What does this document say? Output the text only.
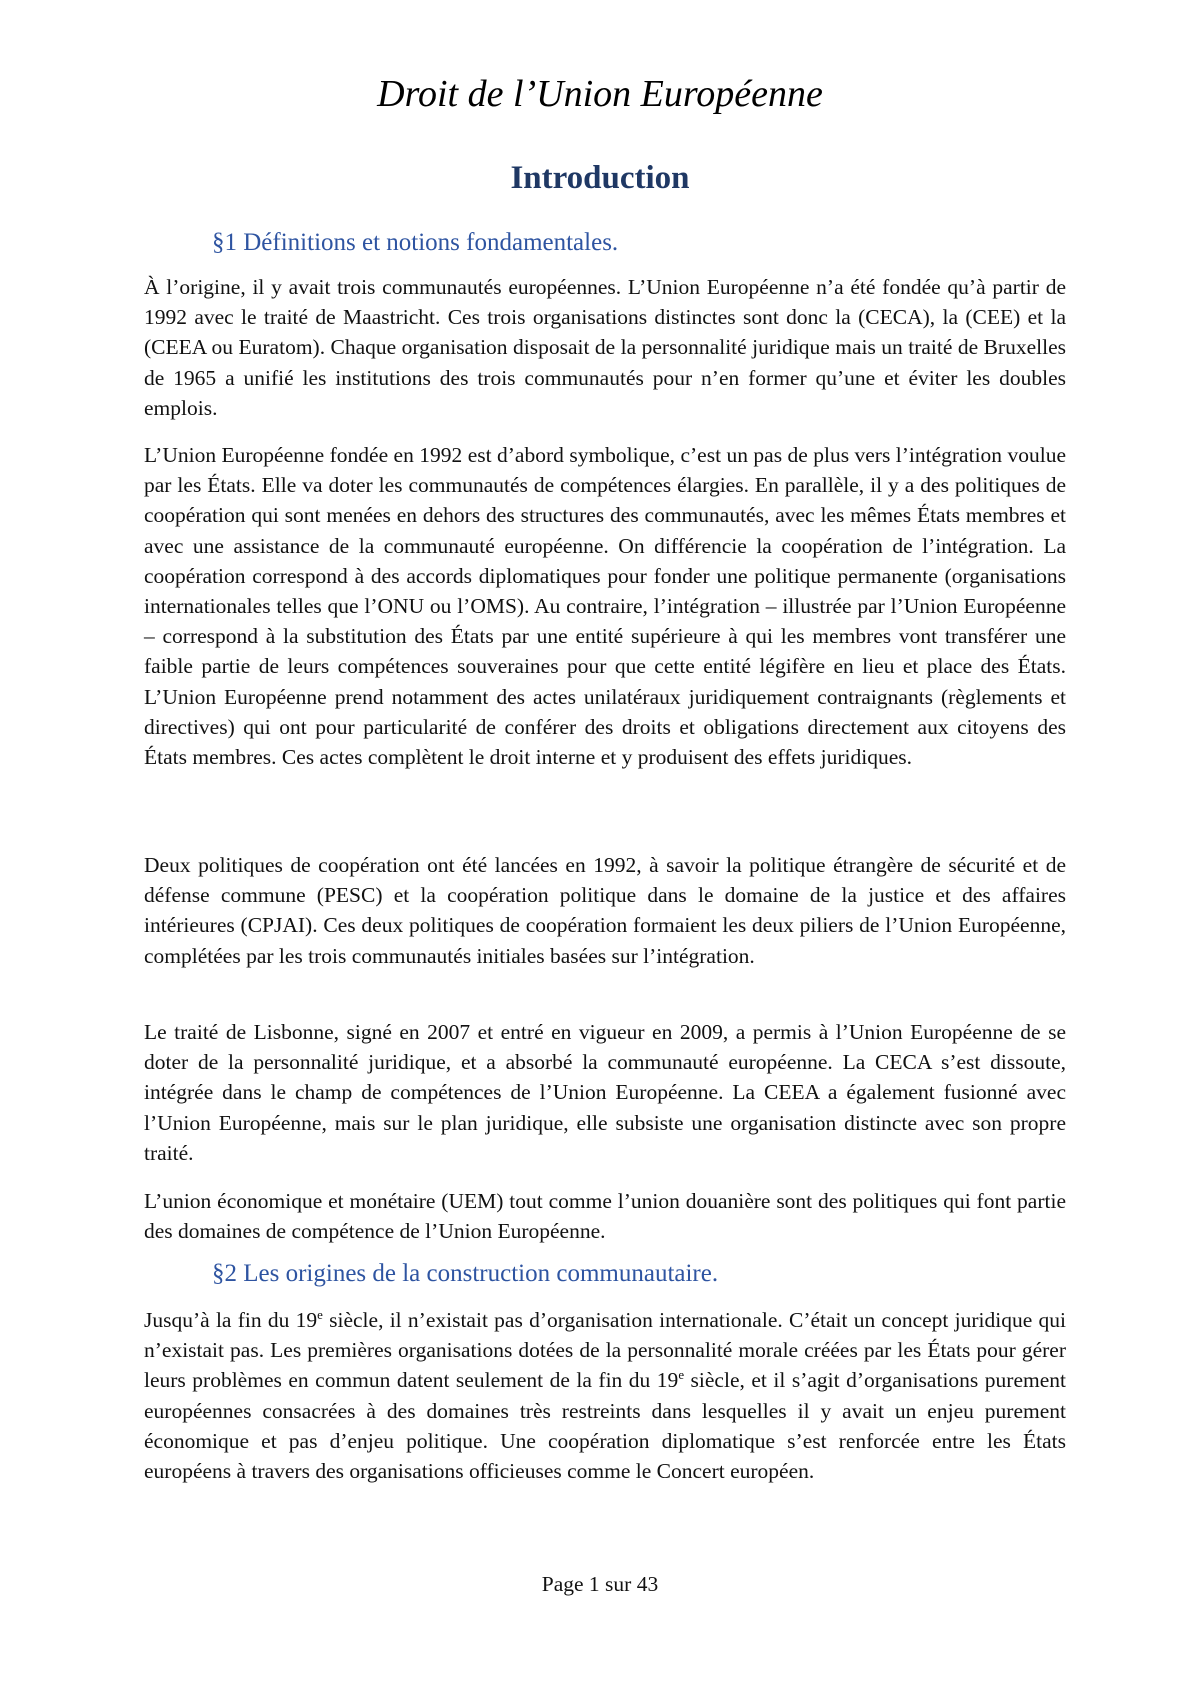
Droit de l’Union Européenne
Introduction
§1 Définitions et notions fondamentales.

À l’origine, il y avait trois communautés européennes. L’Union Européenne n’a été fondée qu’à partir de 1992 avec le traité de Maastricht. Ces trois organisations distinctes sont donc la (CECA), la (CEE) et la (CEEA ou Euratom). Chaque organisation disposait de la personnalité juridique mais un traité de Bruxelles de 1965 a unifié les institutions des trois communautés pour n’en former qu’une et éviter les doubles emplois.

L’Union Européenne fondée en 1992 est d’abord symbolique, c’est un pas de plus vers l’intégration voulue par les États. Elle va doter les communautés de compétences élargies. En parallèle, il y a des politiques de coopération qui sont menées en dehors des structures des communautés, avec les mêmes États membres et avec une assistance de la communauté européenne. On différencie la coopération de l’intégration. La coopération correspond à des accords diplomatiques pour fonder une politique permanente (organisations internationales telles que l’ONU ou l’OMS). Au contraire, l’intégration – illustrée par l’Union Européenne – correspond à la substitution des États par une entité supérieure à qui les membres vont transférer une faible partie de leurs compétences souveraines pour que cette entité légifère en lieu et place des États. L’Union Européenne prend notamment des actes unilatéraux juridiquement contraignants (règlements et directives) qui ont pour particularité de conférer des droits et obligations directement aux citoyens des États membres. Ces actes complètent le droit interne et y produisent des effets juridiques.

Deux politiques de coopération ont été lancées en 1992, à savoir la politique étrangère de sécurité et de défense commune (PESC) et la coopération politique dans le domaine de la justice et des affaires intérieures (CPJAI). Ces deux politiques de coopération formaient les deux piliers de l’Union Européenne, complétées par les trois communautés initiales basées sur l’intégration.

Le traité de Lisbonne, signé en 2007 et entré en vigueur en 2009, a permis à l’Union Européenne de se doter de la personnalité juridique, et a absorbé la communauté européenne. La CECA s’est dissoute, intégrée dans le champ de compétences de l’Union Européenne. La CEEA a également fusionné avec l’Union Européenne, mais sur le plan juridique, elle subsiste une organisation distincte avec son propre traité.

L’union économique et monétaire (UEM) tout comme l’union douanière sont des politiques qui font partie des domaines de compétence de l’Union Européenne.

§2 Les origines de la construction communautaire.

Jusqu’à la fin du 19e siècle, il n’existait pas d’organisation internationale. C’était un concept juridique qui n’existait pas. Les premières organisations dotées de la personnalité morale créées par les États pour gérer leurs problèmes en commun datent seulement de la fin du 19e siècle, et il s’agit d’organisations purement européennes consacrées à des domaines très restreints dans lesquelles il y avait un enjeu purement économique et pas d’enjeu politique. Une coopération diplomatique s’est renforcée entre les États européens à travers des organisations officieuses comme le Concert européen.

Page 1 sur 43
